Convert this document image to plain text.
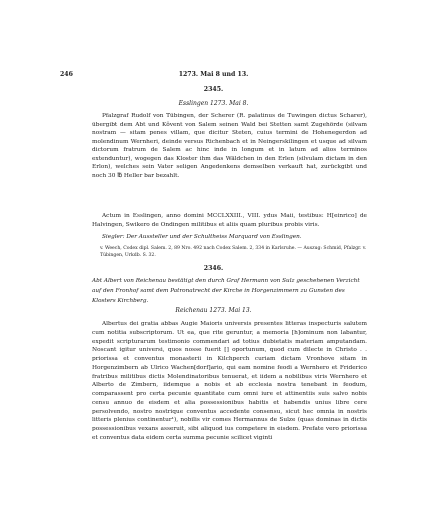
246	1273. Mai 8 und 13.
2345.
Esslingen 1273. Mai 8.
Pfalzgraf Rudolf von Tübingen, der Scherer (R. palatinus de Tuwingen dictus Scharer), übergibt dem Abt und Kôvent von Salem seinen Wald bei Stetten samt Zugehörde (silvam nostram — sitam penes villam, que dicitur Steten, cuius termini de Hohenegerdon ad molendinum Wernheri, deinde versus Richenbach et in Neingerskilingen et usque ad silvam dictorum fratrum de Salem ac hinc inde in longum et in latum ad alios terminos extenduntur), wogegen das Kloster ihm das Wäldchen in den Erlen (silvulam dictam in den Erlon), welches sein Vater seligen Angedenkens demselben verkauft hat, zurückgibt und noch 30 ℔ Heller bar bezahlt.
Actum in Esslingen, anno domini MCCLXXIII., VIII. ydus Maii, testibus: H[einrico] de Halvingen, Swikero de Ondingen militibus et aliis quam pluribus probis viris.
Siegler: Der Aussteller und der Schultheiss Marquard von Esslingen.
v. Weech, Codex dipl. Salem. 2, 89 Nro. 492 nach Codex Salem. 2, 334 in Karlsruhe. — Auszug: Schmid, Pfalzgr. v. Tübingen, Urkdb. S. 32.
2346.
Abt Albert von Reichenau bestätigt den durch Graf Hermann von Sulz geschehenen Verzicht auf den Fronhof samt dem Patronatrecht der Kirche in Horgenzimmern zu Gunsten des Klosters Kirchberg.
Reichenau 1273. Mai 13.
Albertus dei gratia abbas Augie Maioris universis presentes litteras inspecturis salutem cum notitia subscriptorum. Ut ea, que rite geruntur, a memoria [h]ominum non labantur, expedit scripturarum testimonio commendari ad totius dubietatis materiam amputandam. Noscant igitur universi, quos nosse fuerit [] oportunum, quod cum dilecte in Christo . . priorissa et conventus monasterii in Kilchperch curiam dictam Vronhove sitam in Horgenzimbern ab Ulrico Wachen[dorf]ario, qui eam nomine feodi a Wernhero et Friderico fratribus militibus dictis Molendinatoribus tenuerat, et iidem a nobilibus viris Wernhero et Alberto de Zimbern, iidemque a nobis et ab ecclesia nostra tenebant in feodum, comparassent pro certa pecunie quantitate cum omni iure et attinentiis suis salvo nobis censu annuo de eisdem et alia possessionibus habitis et habendis unius libre cere persolvendo, nostro nostrique conventus accedente consensu, sicut hec omnia in nostris litteris plenius continentur¹), nobilis vir comes Hermannus de Sulze (quas dominas in dictis possessionibus vexans asseruit, sibi aliquod ius competere in eisdem. Prefate vero priorissa et conventus data eidem certa summa pecunie scilicet viginti
